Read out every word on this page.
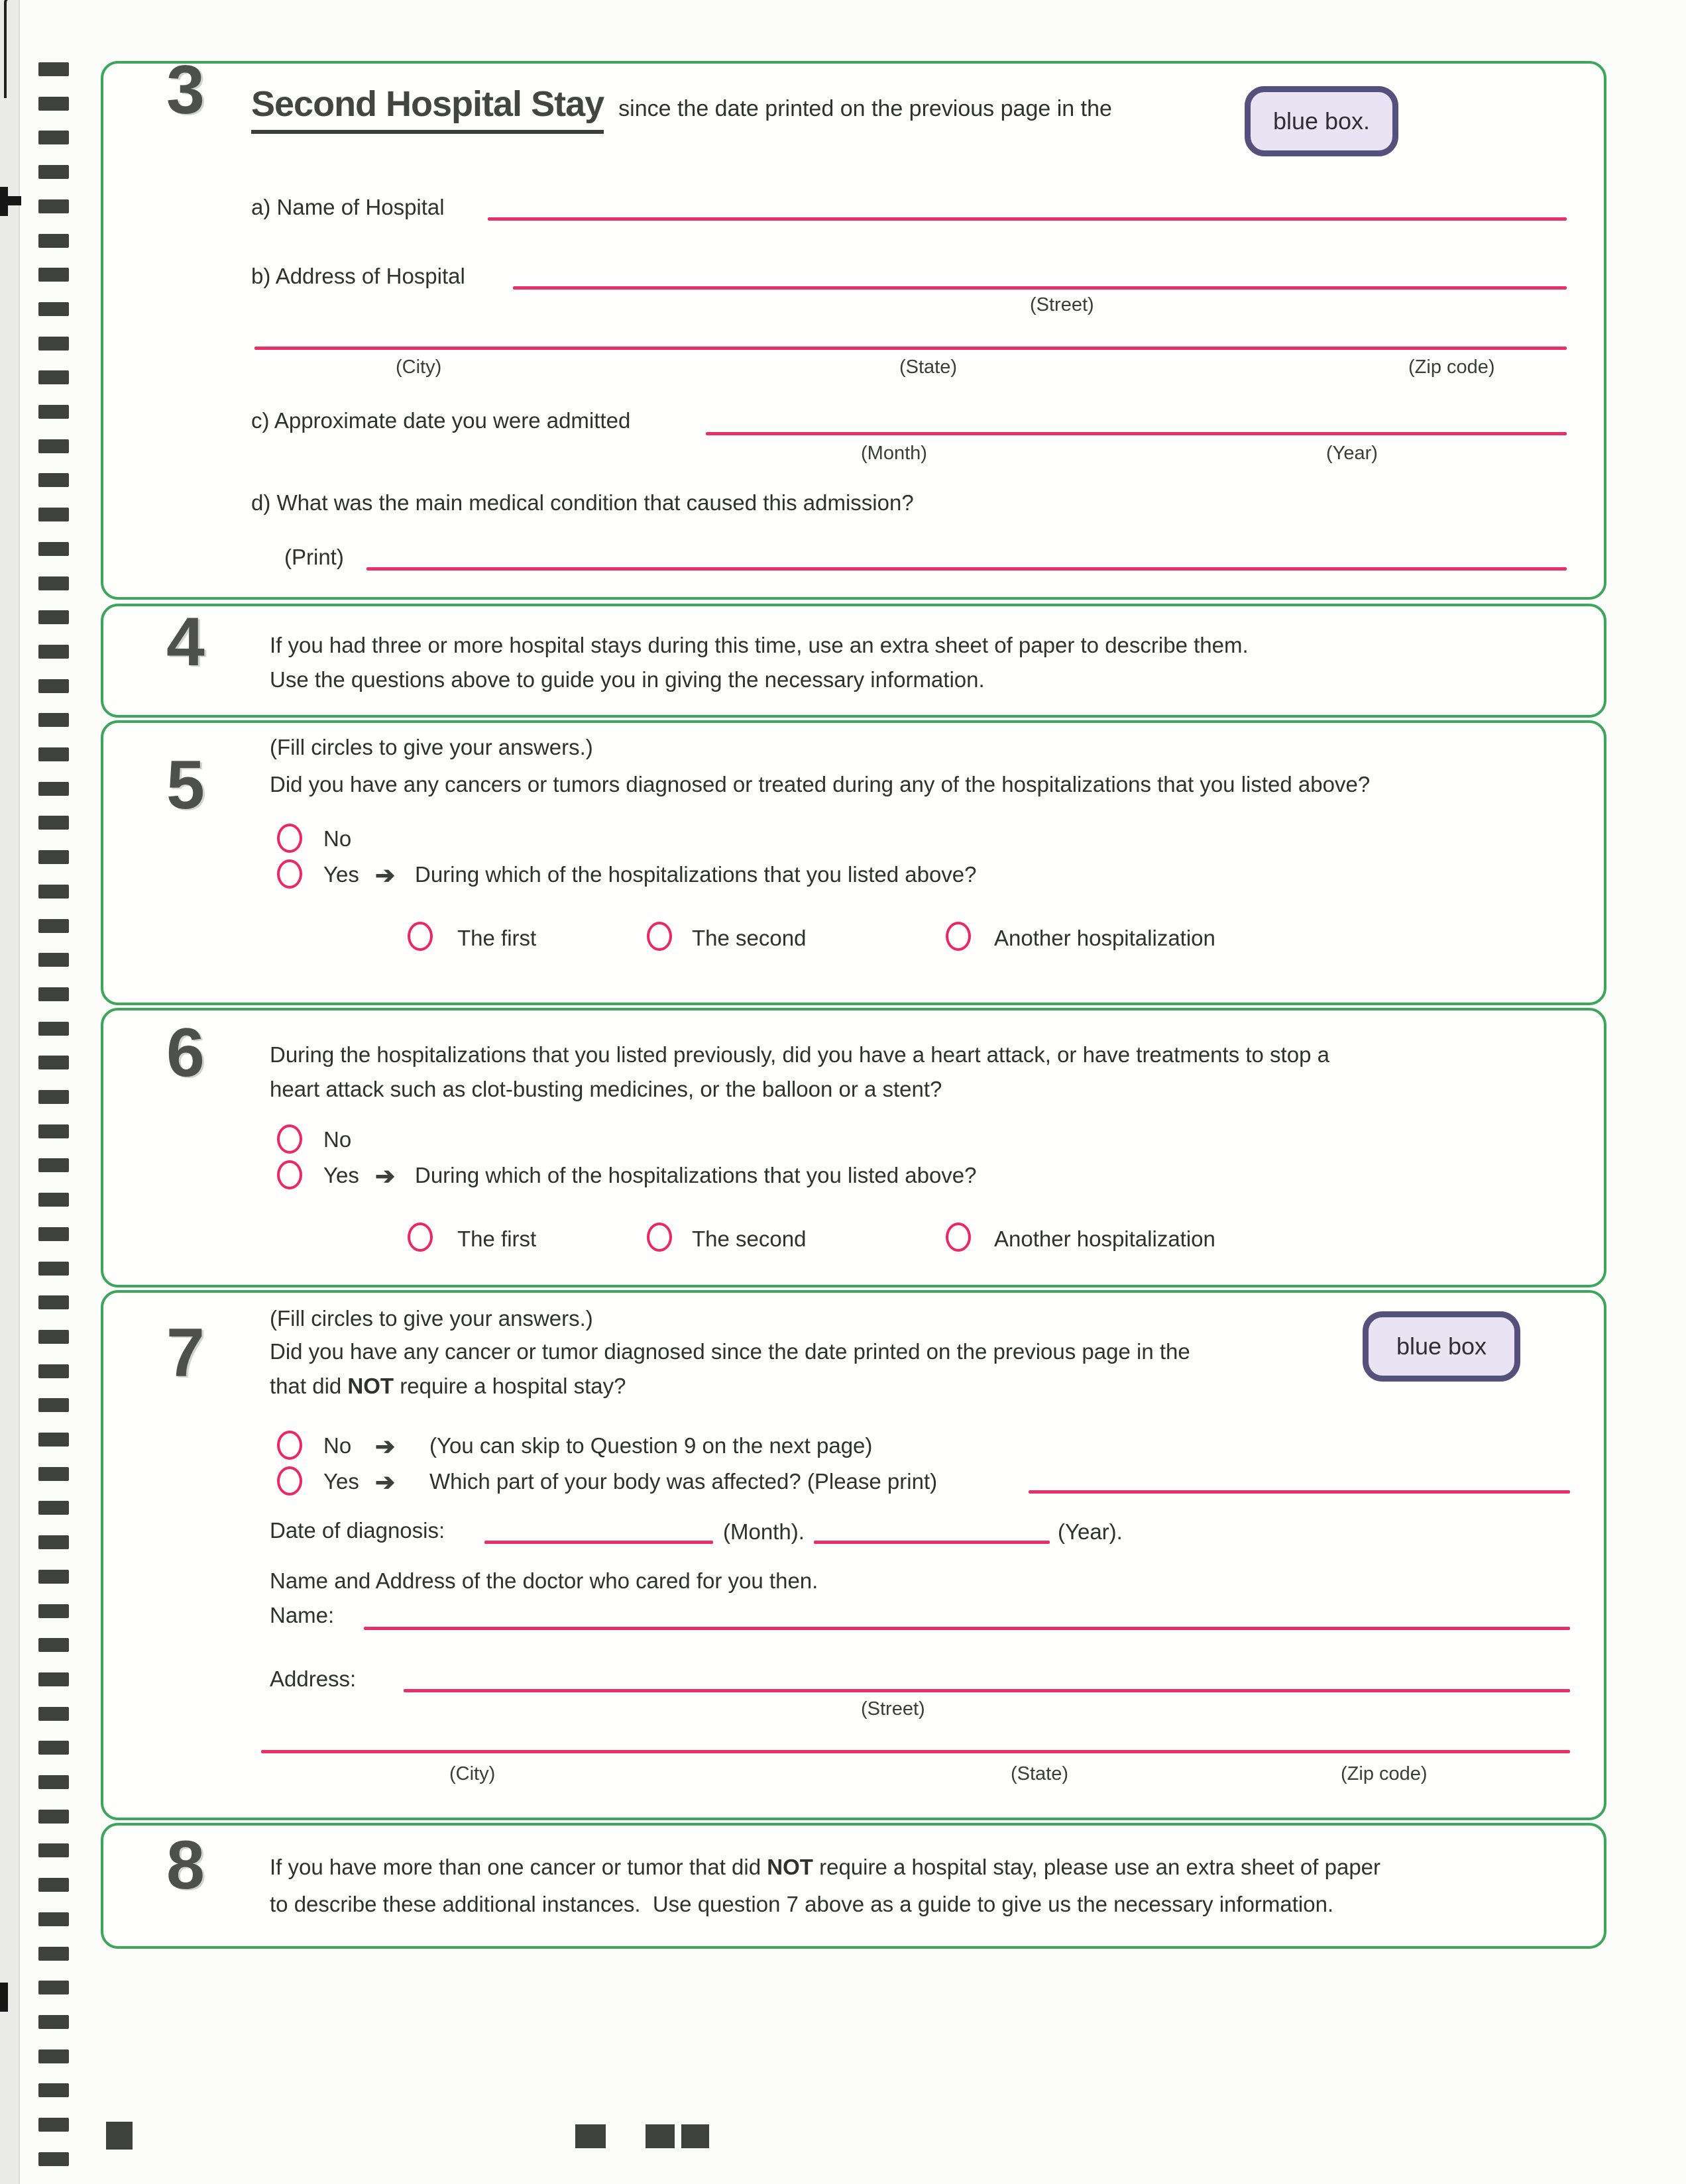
3 Second Hospital Stay since the date printed on the previous page in the	blue box.
a) Name of Hospital
b) Address of Hospital
(Street)
(City)	(State)	(Zip code)
c) Approximate date you were admitted
(Month)	(Year)
d) What was the main medical condition that caused this admission?
(Print)
4	If you had three or more hospital stays during this time, use an extra sheet of paper to describe them.
Use the questions above to guide you in giving the necessary information.
(Fill circles to give your answers.)
5	Did you have any cancers or tumors diagnosed or treated during any of the hospitalizations that you listed above?
No
Yes ➔ During which of the hospitalizations that you listed above?
The first	The second	Another hospitalization
6	During the hospitalizations that you listed previously, did you have a heart attack, or have treatments to stop a
heart attack such as clot-busting medicines, or the balloon or a stent?
No
Yes ➔ During which of the hospitalizations that you listed above?
The first	The second	Another hospitalization
(Fill circles to give your answers.)
7	Did you have any cancer or tumor diagnosed since the date printed on the previous page in the	blue box
that did NOT require a hospital stay?
No ➔ (You can skip to Question 9 on the next page)
Yes ➔ Which part of your body was affected? (Please print)
Date of diagnosis:	(Month).	(Year).
Name and Address of the doctor who cared for you then.
Name:
Address:
(Street)
(City)	(State)	(Zip code)
8	If you have more than one cancer or tumor that did NOT require a hospital stay, please use an extra sheet of paper
to describe these additional instances.  Use question 7 above as a guide to give us the necessary information.
